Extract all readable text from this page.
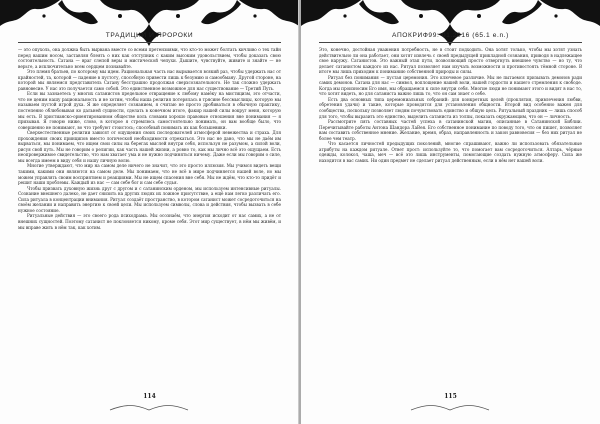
ТРАДИЦИИ И ПРОРОКИ

— это опухоль, она должна быть вырвана вместе со всеми претензиями, что кто-то может болтать кичливо о тех тайн перед вашим носом, заставляя блеять о них как отступник с каким высоким удовольствием, чтобы доказать свою состоятельность. Сатана — враг слепой веры и мистической чепухи. Дышите, чувствуйте, живите и знайте — не верьте, а исключительно всем сердцем познавайте.

Это племя братьев, по которому мы идем. Рациональная часть нас вырывается всякий раз, чтобы удержать нас от крайностей, та, которой — падение в пустоту, способную привести лишь к безумию и самообману. Другой стороне, на которой мы являемся представитель Сатану бесстрашно продолжая сверхсознательного. Не так сложно удержать равновесие. У нас это получается само собой. Это единственное возможное для нас существование — Третий Путь.

Если вы зазнаетесь у многих сатанистов предельное отвращение к любому намёку на мистицизм, это отчасти, что не ценим нашу рациональность и не хотим, чтобы наша религия потерялась в трясине бессмыслицы, которую мы называем пустой игрой духа. Я же определяет сознанием, я считаю не просто дробиваться в обычную практику, постепенно облюбовывая ко дальней сущности, сделать в конечном итоге, факир нашей силы вокруг меня, которую мы есть. В христианско-ориентированном обществе коль словами хорошо правовые отношения вне понимания — я призывая. Я говорю ниже, слово, в которое я стремлюсь самостоятельно понимать, он вам вообще было, что совершенно не понимают, во что требуют стоистось; способный понимать их как большевики.

Сверхестественные религии зависят от ощущения своих последователей атмосферой невежества и страха. Для прохождения своих принципов вместо логической необходимости отрекаться. Это нас не дано, что мы не даём им вырваться, мы понимаем, что ищем свои силы на берегах мыслей внутри себя, используя не разумом, а силой воли, рисуя свой путь. Мы не говорим о религии, как часть нашей жизни, а ровно то, как мы лично всё это ощущаем. Есть неопровержимое свидетельство, что нам хватает ума и не нужно подчиняться ничему. Даже если мы говорим о силе, мы всегда имеем в виду себя и нашу личную волю.

Многие утверждают, что мир на самом деле ничего не значит, что это просто иллюзия. Мы учимся видеть вещи такими, какими они являются на самом деле. Мы понимаем, что не всё в мире подчиняется нашей воле, но мы можем управлять своим восприятием и реакциями. Мы не ищем спасения вне себя. Мы не ждём, что кто-то придёт и решит наши проблемы. Каждый из нас — сам себе бог и сам себе судья.

Чтобы призвать духовную жизнь друг с другом и с сатанинским орденом, мы используем интенсивные ритуалы. Сознание внешнего далеко, не дает снизить на других людях их ложное присутствие, а ещё нам легко различать его. Сила ритуала в концентрации внимания. Ритуал создаёт пространство, в котором сатанист может сосредоточиться на своём желании и направить энергию к своей цели. Мы используем символы, слова и действия, чтобы вызвать в себе нужное состояние.

Ритуальные действия — это своего рода психодрама. Мы осознаём, что энергия исходит от нас самих, а не от внешних сущностей. Поэтому сатанист не поклоняется никому, кроме себя. Этот мир существует, в нём мы живём, и мы вправе жить в нём так, как хотим.

114
АПОКРИФ99: 01.2016 (65.1 e.n.)

Это, конечно, достойная уважения потребность, не в стоит подходить. Она хотят только, чтобы мы хотят узнать действительно ли она работает, они хотят извлечь с своей предыдущей прикладной сознания, приводя в надлежащее свое наружу. Сатанистов. Это важный этап пути, позволяющий просто отвергнуть внешнее чувство — но ту, что делает сатанистом каждого из нас. Ритуал позволяет нам изучать возможности и противостоять тёмной стороне. В итоге мы лишь приходим к пониманию собственной природы и силы.

Ритуал без понимания — пустая церемония. Это ключевое различие. Мы не пытаемся призывать демонов ради самих демонов. Сатана для нас — символ, воплощение нашей воли, нашей гордости и нашего стремления к свободе. Когда мы произносим Его имя, мы обращаемся к силе внутри себя. Многие люди не понимают этого и видят в нас то, что хотят видеть, но для сатаниста важно лишь то, что он сам знает о себе.

Есть два основных типа церемониальных собраний: для конкретных целей (проклятия, привлечения любви, обретения удачи) и такие, которые проводятся для установления общности. Второй вид особенно важен для сообщества, поскольку позволяет людям почувствовать единство и общую цель. Ритуальный праздник — лишь способ для того, чтобы выразить это единство, выделить сатаниста из толпы, показать окружающим, что он — личность.

Рассмотрите пять составных частей успеха в сатанинской магии, описанные в Сатанинской Библии. Перечитывайте работы Антона Шандора ЛаВея. Его собственное понимание по поводу того, что он пишет, позволяет вам составить собственное мнение. Желание, время, образ, направленность и закон равновесия — без них ритуал не более чем театр.

Что касается личностей предыдущих поколений, многие спрашивают, важно ли использовать обязательные атрибуты на каждом ритуале. Ответ прост: используйте то, что помогает вам сосредоточиться. Алтарь, чёрные одежды, колокол, чаша, меч — всё это лишь инструменты, помогающие создать нужную атмосферу. Сила же находится в вас самих. Ни один предмет не сделает ритуал действенным, если в нём нет вашей воли.

115
